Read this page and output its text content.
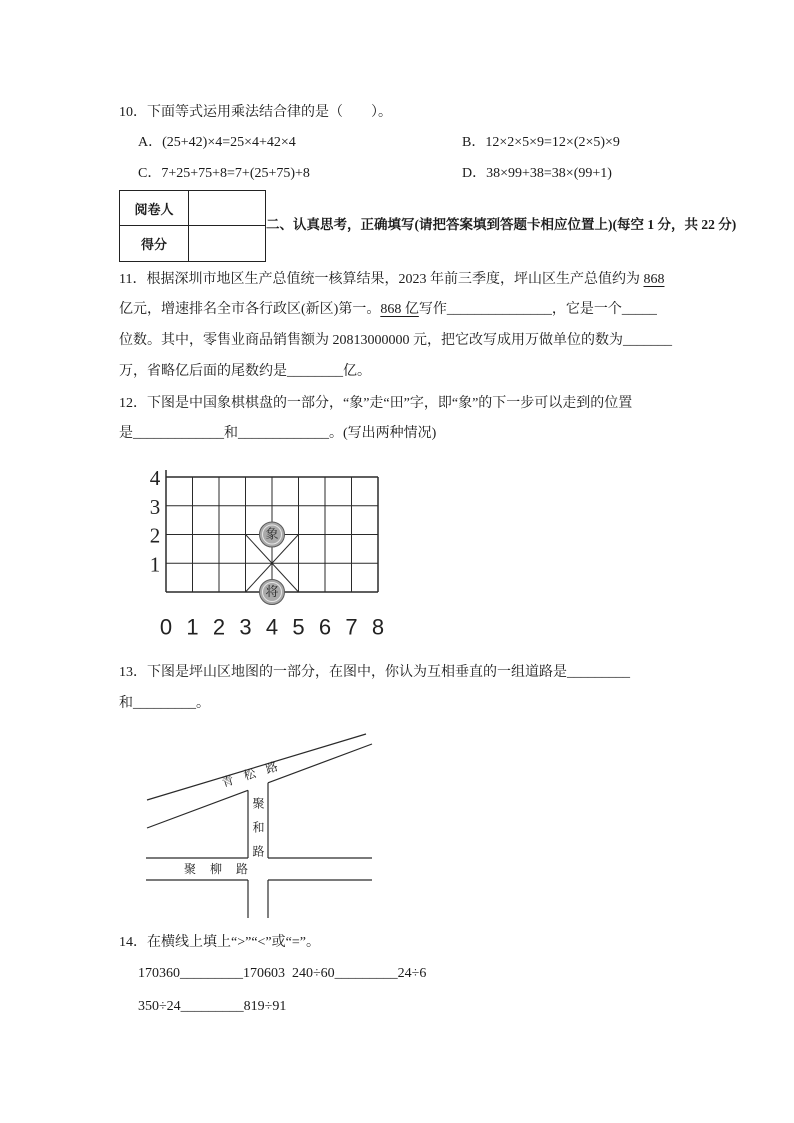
10．下面等式运用乘法结合律的是（　　）。
A．(25+42)×4=25×4+42×4	B．12×2×5×9=12×(2×5)×9
C．7+25+75+8=7+(25+75)+8	D．38×99+38=38×(99+1)
阅卷人	
得分	
二、认真思考，正确填写(请把答案填到答题卡相应位置上)(每空 1 分，共 22 分)
11．根据深圳市地区生产总值统一核算结果，2023 年前三季度，坪山区生产总值约为 868
亿元，增速排名全市各行政区(新区)第一。868 亿写作_______________，它是一个_____
位数。其中，零售业商品销售额为 20813000000 元，把它改写成用万做单位的数为_______
万，省略亿后面的尾数约是________亿。
12．下图是中国象棋棋盘的一部分，“象”走“田”字，即“象”的下一步可以走到的位置
是_____________和_____________。(写出两种情况)
4
3
2
1
0 1 2 3 4 5 6 7 8
象
将
13．下图是坪山区地图的一部分，在图中，你认为互相垂直的一组道路是_________
和_________。
青松路
聚和路
聚柳路
14．在横线上填上“>”“<”或“=”。
170360_________170603  240÷60_________24÷6
350÷24_________819÷91
